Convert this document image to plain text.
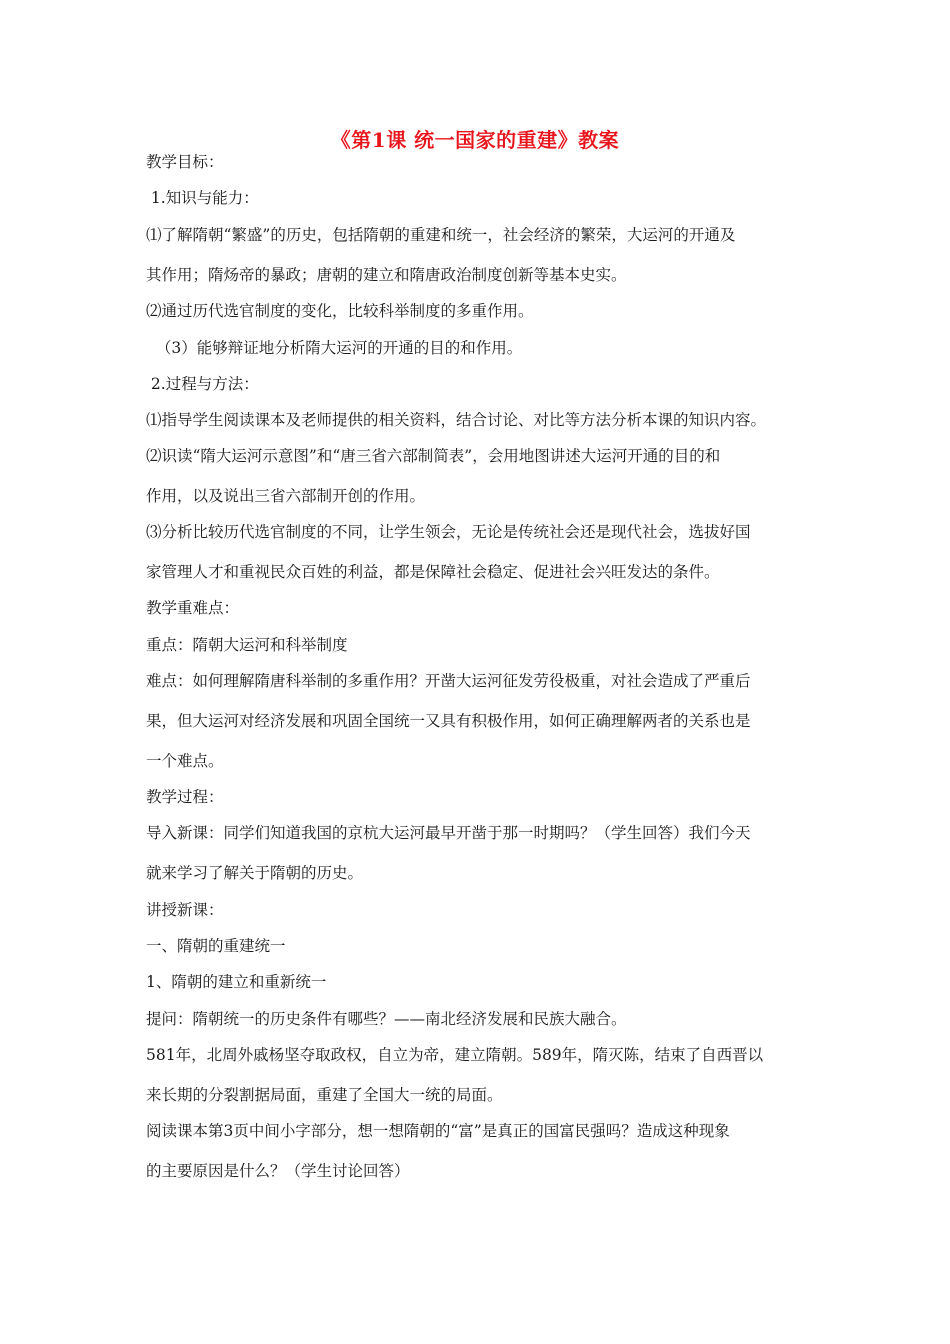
《第1课 统一国家的重建》教案
教学目标：
1.知识与能力：
⑴了解隋朝“繁盛”的历史，包括隋朝的重建和统一，社会经济的繁荣，大运河的开通及
其作用；隋炀帝的暴政；唐朝的建立和隋唐政治制度创新等基本史实。
⑵通过历代选官制度的变化，比较科举制度的多重作用。
（3）能够辩证地分析隋大运河的开通的目的和作用。
2.过程与方法：
⑴指导学生阅读课本及老师提供的相关资料，结合讨论、对比等方法分析本课的知识内容。
⑵识读“隋大运河示意图”和“唐三省六部制简表”，会用地图讲述大运河开通的目的和
作用，以及说出三省六部制开创的作用。
⑶分析比较历代选官制度的不同，让学生领会，无论是传统社会还是现代社会，选拔好国
家管理人才和重视民众百姓的利益，都是保障社会稳定、促进社会兴旺发达的条件。
教学重难点：
重点：隋朝大运河和科举制度
难点：如何理解隋唐科举制的多重作用？开凿大运河征发劳役极重，对社会造成了严重后
果，但大运河对经济发展和巩固全国统一又具有积极作用，如何正确理解两者的关系也是
一个难点。
教学过程：
导入新课：同学们知道我国的京杭大运河最早开凿于那一时期吗？（学生回答）我们今天
就来学习了解关于隋朝的历史。
讲授新课：
一、隋朝的重建统一
1、隋朝的建立和重新统一
提问：隋朝统一的历史条件有哪些？——南北经济发展和民族大融合。
581年，北周外戚杨坚夺取政权，自立为帝，建立隋朝。589年，隋灭陈，结束了自西晋以
来长期的分裂割据局面，重建了全国大一统的局面。
阅读课本第3页中间小字部分，想一想隋朝的“富”是真正的国富民强吗？造成这种现象
的主要原因是什么？（学生讨论回答）
